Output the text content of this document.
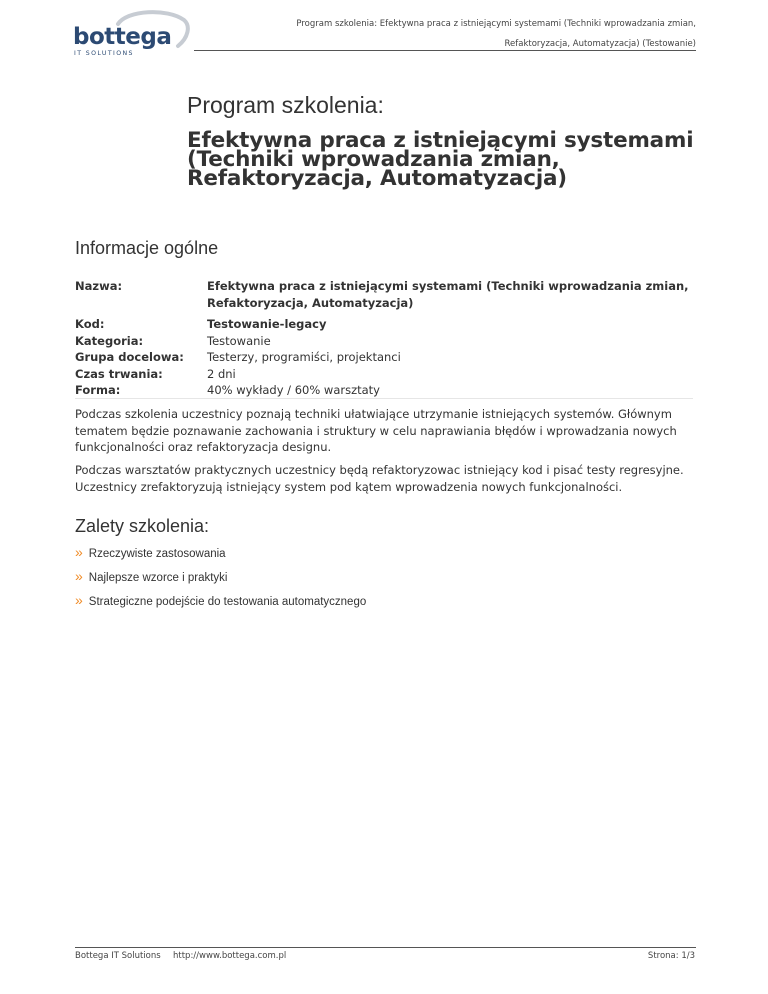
bottega
IT SOLUTIONS
Program szkolenia: Efektywna praca z istniejącymi systemami (Techniki wprowadzania zmian,
Refaktoryzacja, Automatyzacja) (Testowanie)
Program szkolenia:
Efektywna praca z istniejącymi systemami (Techniki wprowadzania zmian, Refaktoryzacja, Automatyzacja)
Informacje ogólne
Nazwa:	Efektywna praca z istniejącymi systemami (Techniki wprowadzania zmian, Refaktoryzacja, Automatyzacja)
Kod:	Testowanie-legacy
Kategoria:	Testowanie
Grupa docelowa:	Testerzy, programiści, projektanci
Czas trwania:	2 dni
Forma:	40% wykłady / 60% warsztaty

Podczas szkolenia uczestnicy poznają techniki ułatwiające utrzymanie istniejących systemów. Głównym tematem będzie poznawanie zachowania i struktury w celu naprawiania błędów i wprowadzania nowych funkcjonalności oraz refaktoryzacja designu.

Podczas warsztatów praktycznych uczestnicy będą refaktoryzowac istniejący kod i pisać testy regresyjne. Uczestnicy zrefaktoryzują istniejący system pod kątem wprowadzenia nowych funkcjonalności.

Zalety szkolenia:
» Rzeczywiste zastosowania
» Najlepsze wzorce i praktyki
» Strategiczne podejście do testowania automatycznego
Bottega IT Solutions http://www.bottega.com.pl	Strona: 1/3
